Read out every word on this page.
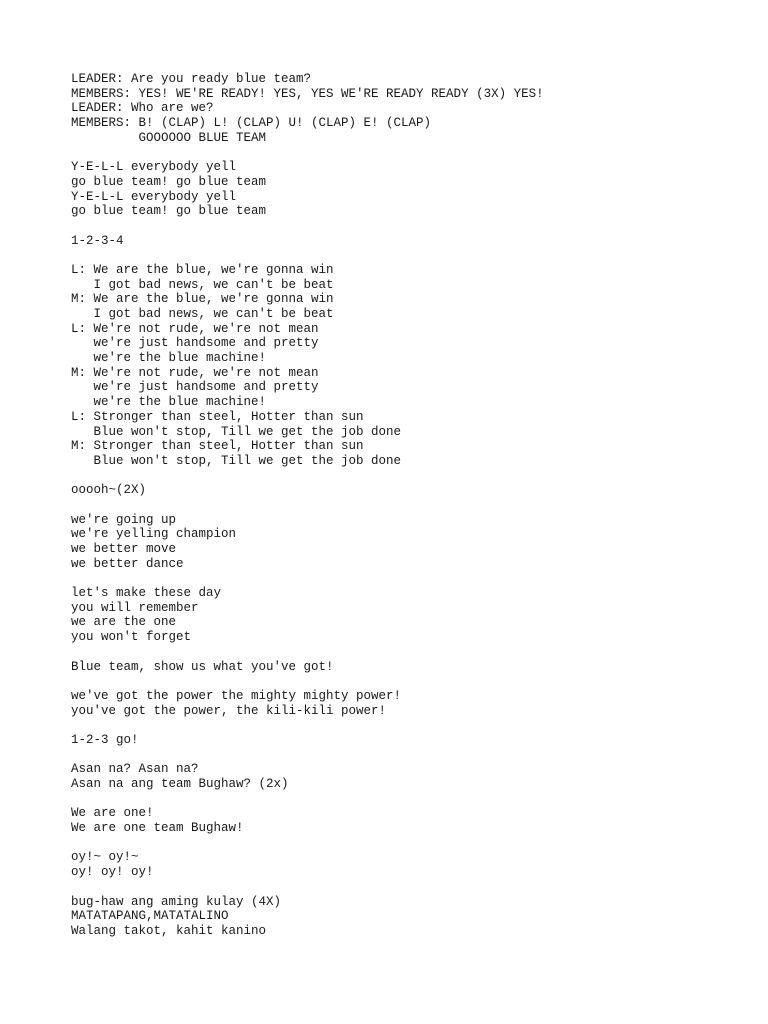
LEADER: Are you ready blue team?
MEMBERS: YES! WE'RE READY! YES, YES WE'RE READY READY (3X) YES!
LEADER: Who are we?
MEMBERS: B! (CLAP) L! (CLAP) U! (CLAP) E! (CLAP)
GOOOOOO BLUE TEAM
Y-E-L-L everybody yell
go blue team! go blue team
Y-E-L-L everybody yell
go blue team! go blue team
1-2-3-4
L: We are the blue, we're gonna win
I got bad news, we can't be beat
M: We are the blue, we're gonna win
I got bad news, we can't be beat
L: We're not rude, we're not mean
we're just handsome and pretty
we're the blue machine!
M: We're not rude, we're not mean
we're just handsome and pretty
we're the blue machine!
L: Stronger than steel, Hotter than sun
Blue won't stop, Till we get the job done
M: Stronger than steel, Hotter than sun
Blue won't stop, Till we get the job done
ooooh~(2X)
we're going up
we're yelling champion
we better move
we better dance
let's make these day
you will remember
we are the one
you won't forget
Blue team, show us what you've got!
we've got the power the mighty mighty power!
you've got the power, the kili-kili power!
1-2-3 go!
Asan na? Asan na?
Asan na ang team Bughaw? (2x)
We are one!
We are one team Bughaw!
oy!~ oy!~
oy! oy! oy!
bug-haw ang aming kulay (4X)
MATATAPANG,MATATALINO
Walang takot, kahit kanino
